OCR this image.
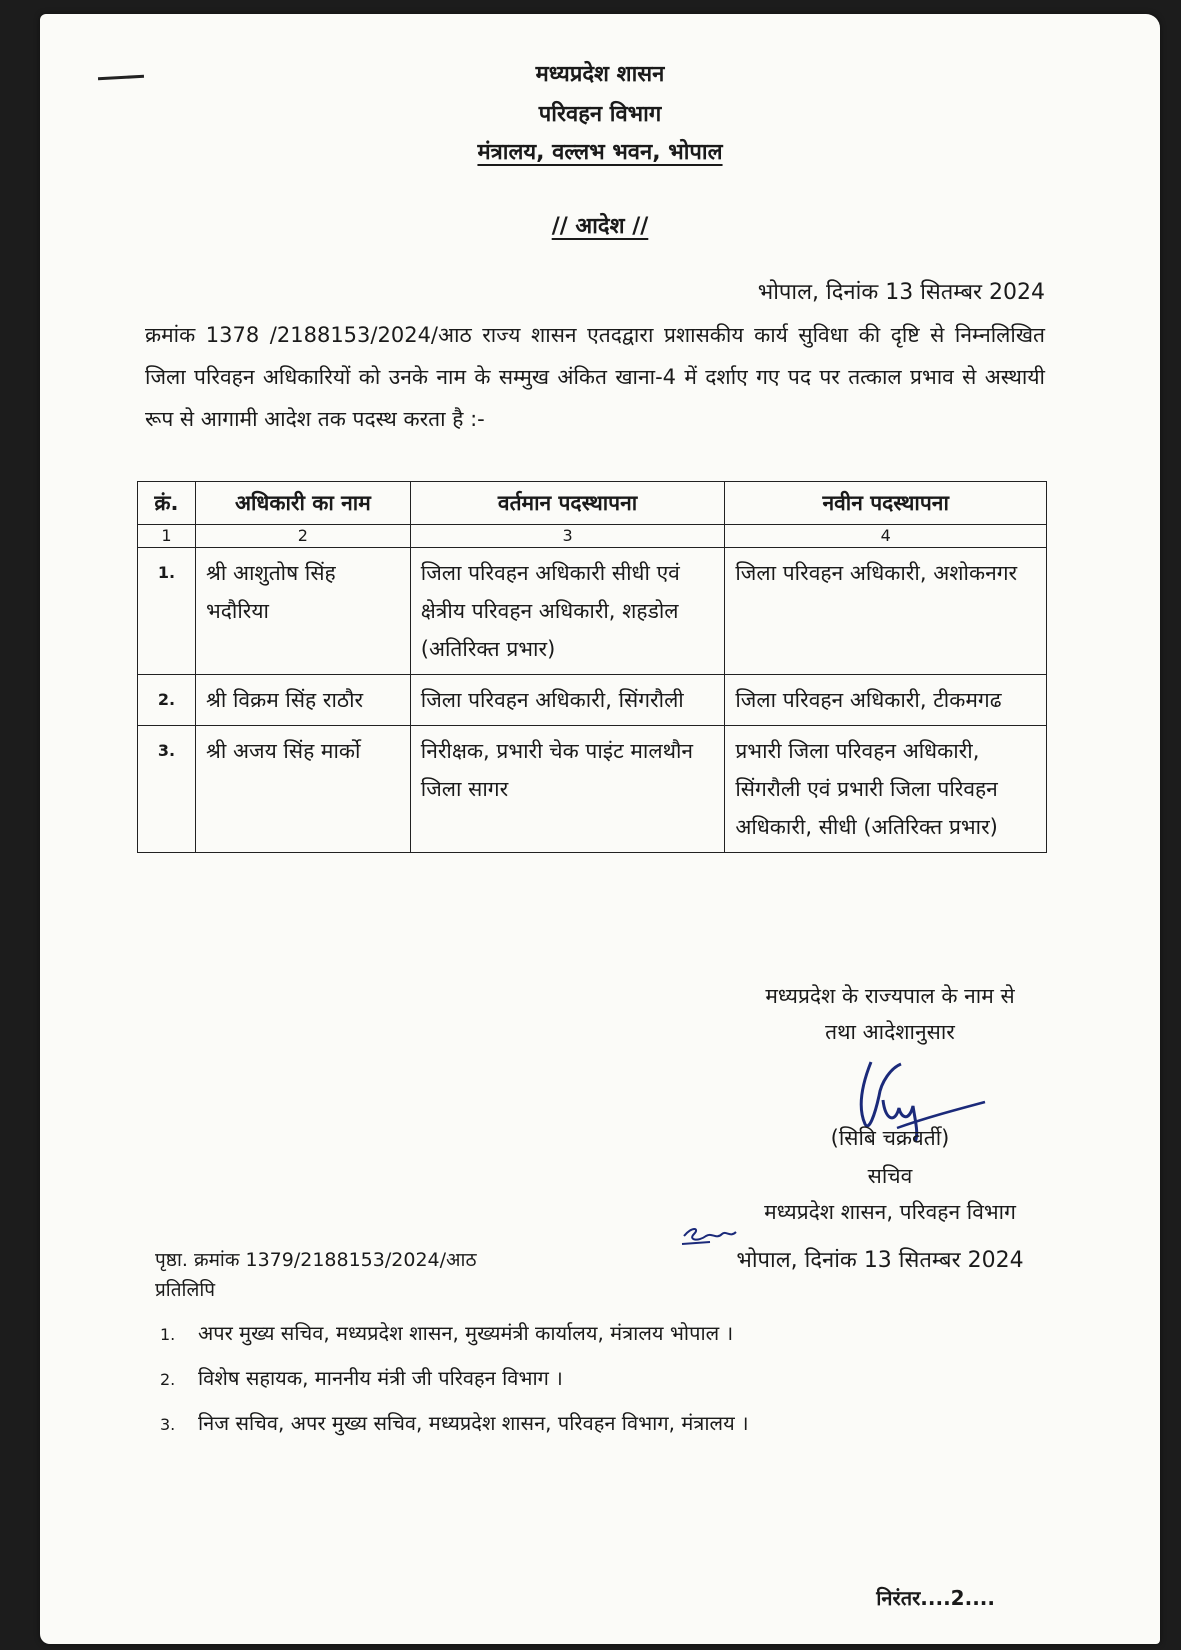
मध्यप्रदेश शासन
परिवहन विभाग
मंत्रालय, वल्लभ भवन, भोपाल
// आदेश //
भोपाल, दिनांक 13 सितम्बर 2024
क्रमांक 1378 /2188153/2024/आठ राज्य शासन एतदद्वारा प्रशासकीय कार्य सुविधा की दृष्टि से निम्नलिखित जिला परिवहन अधिकारियों को उनके नाम के सम्मुख अंकित खाना-4 में दर्शाए गए पद पर तत्काल प्रभाव से अस्थायी रूप से आगामी आदेश तक पदस्थ करता है :-
क्रं.	अधिकारी का नाम	वर्तमान पदस्थापना	नवीन पदस्थापना
1	2	3	4
1.	श्री आशुतोष सिंह भदौरिया	जिला परिवहन अधिकारी सीधी एवं क्षेत्रीय परिवहन अधिकारी, शहडोल (अतिरिक्त प्रभार)	जिला परिवहन अधिकारी, अशोकनगर
2.	श्री विक्रम सिंह राठौर	जिला परिवहन अधिकारी, सिंगरौली	जिला परिवहन अधिकारी, टीकमगढ
3.	श्री अजय सिंह मार्को	निरीक्षक, प्रभारी चेक पाइंट मालथौन जिला सागर	प्रभारी जिला परिवहन अधिकारी, सिंगरौली एवं प्रभारी जिला परिवहन अधिकारी, सीधी (अतिरिक्त प्रभार)
मध्यप्रदेश के राज्यपाल के नाम से
तथा आदेशानुसार
(सिबि चक्रवर्ती)
सचिव
मध्यप्रदेश शासन, परिवहन विभाग
भोपाल, दिनांक 13 सितम्बर 2024
पृष्ठा. क्रमांक 1379/2188153/2024/आठ
प्रतिलिपि
1. अपर मुख्य सचिव, मध्यप्रदेश शासन, मुख्यमंत्री कार्यालय, मंत्रालय भोपाल ।
2. विशेष सहायक, माननीय मंत्री जी परिवहन विभाग ।
3. निज सचिव, अपर मुख्य सचिव, मध्यप्रदेश शासन, परिवहन विभाग, मंत्रालय ।
निरंतर....2....
